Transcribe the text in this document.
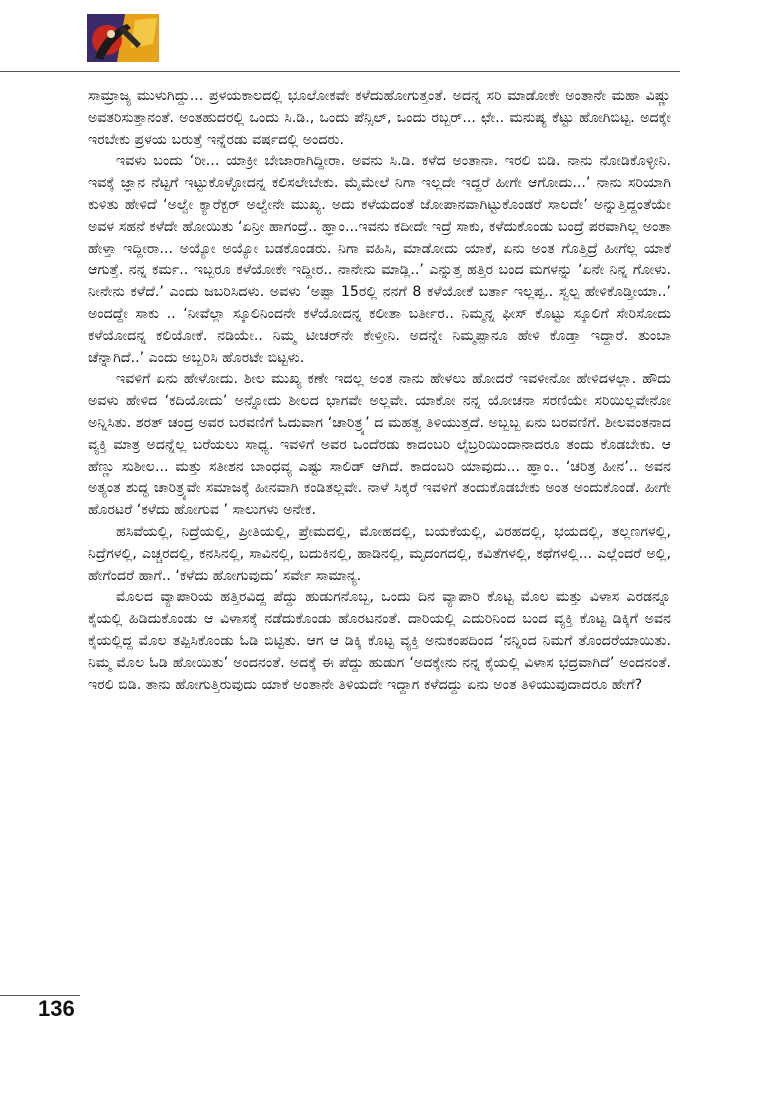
ಸಾಮ್ರಾಜ್ಯ ಮುಳುಗಿದ್ದು... ಪ್ರಳಯಕಾಲದಲ್ಲಿ ಭೂಲೋಕವೇ ಕಳೆದುಹೋಗುತ್ತಂತೆ. ಅದನ್ನ ಸರಿ ಮಾಡೋಕೇ ಅಂತಾನೇ ಮಹಾ ವಿಷ್ಣು ಅವತರಿಸುತ್ತಾನಂತೆ. ಅಂತಹುದರಲ್ಲಿ ಒಂದು ಸಿ.ಡಿ., ಒಂದು ಪೆನ್ಸಿಲ್, ಒಂದು ರಬ್ಬರ್... ಛೇ.. ಮನುಷ್ಯ ಕೆಟ್ಟು ಹೋಗಿಬಿಟ್ಟ. ಅದಕ್ಕೇ ಇರಬೇಕು ಪ್ರಳಯ ಬರುತ್ತೆ ಇನ್ನೆರಡು ವರ್ಷದಲ್ಲಿ ಅಂದರು.

ಇವಳು ಬಂದು ‘ರೀ... ಯಾಕ್ರೀ ಬೇಜಾರಾಗಿದ್ದೀರಾ. ಅವನು ಸಿ.ಡಿ. ಕಳೆದ ಅಂತಾನಾ. ಇರಲಿ ಬಿಡಿ. ನಾನು ನೋಡಿಕೊಳ್ಳೀನಿ. ಇವಕ್ಕೆ ಜ್ಞಾನ ನೆಟ್ಟಗೆ ಇಟ್ಟುಕೊಳ್ಳೋದನ್ನ ಕಲಿಸಲೇಬೇಕು. ಮೈಮೇಲೆ ನಿಗಾ ಇಲ್ಲದೇ ಇದ್ದರೆ ಹೀಗೇ ಆಗೋದು...’ ನಾನು ಸರಿಯಾಗಿ ಕುಳಿತು ಹೇಳಿದೆ ‘ಅಲ್ವೇ ಕ್ಯಾರೆಕ್ಟರ್ ಅಲ್ವೇನೇ ಮುಖ್ಯ. ಅದು ಕಳೆಯದಂತೆ ಜೋಪಾನವಾಗಿಟ್ಟುಕೊಂಡರೆ ಸಾಲದೇ’ ಅನ್ನುತ್ತಿದ್ದಂತೆಯೇ ಅವಳ ಸಹನೆ ಕಳೆದೇ ಹೋಯಿತು ‘ಏನ್ರೀ ಹಾಗಂದ್ರೆ.. ಹ್ಞಾಂ...ಇವನು ಕದೀದೇ ಇದ್ರೆ ಸಾಕು, ಕಳೆದುಕೊಂಡು ಬಂದ್ರೆ ಪರವಾಗಿಲ್ಲ ಅಂತಾ ಹೇಳ್ತಾ ಇದ್ದೀರಾ... ಅಯ್ಯೋ ಅಯ್ಯೋ ಬಡಕೊಂಡರು. ನಿಗಾ ವಹಿಸಿ, ಮಾಡೋದು ಯಾಕೆ, ಏನು ಅಂತ ಗೊತ್ತಿದ್ರೆ ಹೀಗೆಲ್ಲ ಯಾಕೆ ಆಗುತ್ತೆ. ನನ್ನ ಕರ್ಮ.. ಇಬ್ಬರೂ ಕಳೆಯೋಕೇ ಇದ್ದೀರ.. ನಾನೇನು ಮಾಡ್ಲಿ..’ ಎನ್ನುತ್ತ ಹತ್ತಿರ ಬಂದ ಮಗಳನ್ನು ‘ಏನೇ ನಿನ್ನ ಗೋಳು. ನೀನೇನು ಕಳೆದೆ.’ ಎಂದು ಜಬರಿಸಿದಳು. ಅವಳು ‘ಅಪ್ಪಾ 15ರಲ್ಲಿ ನನಗೆ 8 ಕಳೆಯೋಕೆ ಬರ್ತಾ ಇಲ್ಲಪ್ಪ.. ಸ್ವಲ್ಪ ಹೇಳಿಕೊಡ್ತೀಯಾ..’ ಅಂದದ್ದೇ ಸಾಕು .. ‘ನೀವೆಲ್ಲಾ ಸ್ಕೂಲಿನಿಂದನೇ ಕಳೆಯೋದನ್ನ ಕಲೀತಾ ಬರ್ತೀರ.. ನಿಮ್ಮನ್ನ ಫೀಸ್ ಕೊಟ್ಟು ಸ್ಕೂಲಿಗೆ ಸೇರಿಸೋದು ಕಳೆಯೋದನ್ನ ಕಲಿಯೋಕೆ. ನಡಿಯೇ.. ನಿಮ್ಮ ಟೀಚರ್‌ನೇ ಕೇಳ್ತೀನಿ. ಅದನ್ನೇ ನಿಮ್ಮಪ್ಪಾನೂ ಹೇಳಿ ಕೊಡ್ತಾ ಇದ್ದಾರೆ. ತುಂಬಾ ಚೆನ್ನಾಗಿದೆ..’ ಎಂದು ಅಬ್ಬರಿಸಿ ಹೊರಟೇ ಬಿಟ್ಟಳು.

ಇವಳಿಗೆ ಏನು ಹೇಳೋದು. ಶೀಲ ಮುಖ್ಯ ಕಣೇ ಇದಲ್ಲ ಅಂತ ನಾನು ಹೇಳಲು ಹೋದರೆ ಇವಳೀನೋ ಹೇಳಿದಳಲ್ಲಾ. ಹೌದು ಅವಳು ಹೇಳಿದ ‘ಕದಿಯೋದು’ ಅನ್ನೋದು ಶೀಲದ ಭಾಗವೇ ಅಲ್ಲವೇ. ಯಾಕೋ ನನ್ನ ಯೋಚನಾ ಸರಣಿಯೇ ಸರಿಯಿಲ್ಲವೇನೋ ಅನ್ನಿಸಿತು. ಶರತ್ ಚಂದ್ರ ಅವರ ಬರವಣಿಗೆ ಓದುವಾಗ ‘ಚಾರಿತ್ರ್ಯ’ ದ ಮಹತ್ವ ತಿಳಿಯುತ್ತದೆ. ಅಬ್ಬಬ್ಬ ಏನು ಬರವಣಿಗೆ. ಶೀಲವಂತನಾದ ವ್ಯಕ್ತಿ ಮಾತ್ರ ಅದನ್ನೆಲ್ಲ ಬರೆಯಲು ಸಾಧ್ಯ. ಇವಳಿಗೆ ಅವರ ಒಂದೆರಡು ಕಾದಂಬರಿ ಲೈಬ್ರರಿಯಿಂದಾನಾದರೂ ತಂದು ಕೊಡಬೇಕು. ಆ ಹೆಣ್ಣು ಸುಶೀಲ... ಮತ್ತು ಸತೀಶನ ಬಾಂಧವ್ಯ ಎಷ್ಟು ಸಾಲಿಡ್ ಆಗಿದೆ. ಕಾದಂಬರಿ ಯಾವುದು... ಹ್ಞಾಂ.. ‘ಚರಿತ್ರ ಹೀನ’.. ಅವನ ಅತ್ಯಂತ ಶುದ್ಧ ಚಾರಿತ್ರ್ಯವೇ ಸಮಾಜಕ್ಕೆ ಹೀನವಾಗಿ ಕಂಡಿತಲ್ಲವೇ. ನಾಳೆ ಸಿಕ್ಕರೆ ಇವಳಿಗೆ ತಂದುಕೊಡಬೇಕು ಅಂತ ಅಂದುಕೊಂಡೆ. ಹೀಗೇ ಹೊರಟರೆ ‘ಕಳೆದು ಹೋಗುವ ’ ಸಾಲುಗಳು ಅನೇಕ.

ಹಸಿವೆಯಲ್ಲಿ, ನಿದ್ರೆಯಲ್ಲಿ, ಪ್ರೀತಿಯಲ್ಲಿ, ಪ್ರೇಮದಲ್ಲಿ, ಮೋಹದಲ್ಲಿ, ಬಯಕೆಯಲ್ಲಿ, ವಿರಹದಲ್ಲಿ, ಭಯದಲ್ಲಿ, ತಲ್ಲಣಗಳಲ್ಲಿ, ನಿದ್ರೆಗಳಲ್ಲಿ, ಎಚ್ಚರದಲ್ಲಿ, ಕನಸಿನಲ್ಲಿ, ಸಾವಿನಲ್ಲಿ, ಬದುಕಿನಲ್ಲಿ, ಹಾಡಿನಲ್ಲಿ, ಮೃದಂಗದಲ್ಲಿ, ಕವಿತೆಗಳಲ್ಲಿ, ಕಥೆಗಳಲ್ಲಿ... ಎಲ್ಲೆಂದರೆ ಅಲ್ಲಿ, ಹೇಗೆಂದರೆ ಹಾಗೆ.. ‘ಕಳೆದು ಹೋಗುವುದು’ ಸರ್ವೇ ಸಾಮಾನ್ಯ.

ಮೊಲದ ವ್ಯಾಪಾರಿಯ ಹತ್ತಿರವಿದ್ದ ಪೆದ್ದು ಹುಡುಗನೊಬ್ಬ, ಒಂದು ದಿನ ವ್ಯಾಪಾರಿ ಕೊಟ್ಟ ಮೊಲ ಮತ್ತು ವಿಳಾಸ ಎರಡನ್ನೂ ಕೈಯಲ್ಲಿ ಹಿಡಿದುಕೊಂಡು ಆ ವಿಳಾಸಕ್ಕೆ ನಡೆದುಕೊಂಡು ಹೊರಟನಂತೆ. ದಾರಿಯಲ್ಲಿ ಎದುರಿನಿಂದ ಬಂದ ವ್ಯಕ್ತಿ ಕೊಟ್ಟ ಡಿಕ್ಕಿಗೆ ಅವನ ಕೈಯಲ್ಲಿದ್ದ ಮೊಲ ತಪ್ಪಿಸಿಕೊಂಡು ಓಡಿ ಬಿಟ್ಟಿತು. ಆಗ ಆ ಡಿಕ್ಕಿ ಕೊಟ್ಟ ವ್ಯಕ್ತಿ ಅನುಕಂಪದಿಂದ ‘ನನ್ನಿಂದ ನಿಮಗೆ ತೊಂದರೆಯಾಯಿತು. ನಿಮ್ಮ ಮೊಲ ಓಡಿ ಹೋಯಿತು’ ಅಂದನಂತೆ. ಅದಕ್ಕೆ ಈ ಪೆದ್ದು ಹುಡುಗ ‘ಅದಕ್ಕೇನು ನನ್ನ ಕೈಯಲ್ಲಿ ವಿಳಾಸ ಭದ್ರವಾಗಿದೆ’ ಅಂದನಂತೆ. ಇರಲಿ ಬಿಡಿ. ತಾನು ಹೋಗುತ್ತಿರುವುದು ಯಾಕೆ ಅಂತಾನೇ ತಿಳಿಯದೇ ಇದ್ದಾಗ ಕಳೆದದ್ದು ಏನು ಅಂತ ತಿಳಿಯುವುದಾದರೂ ಹೇಗೆ?

136
